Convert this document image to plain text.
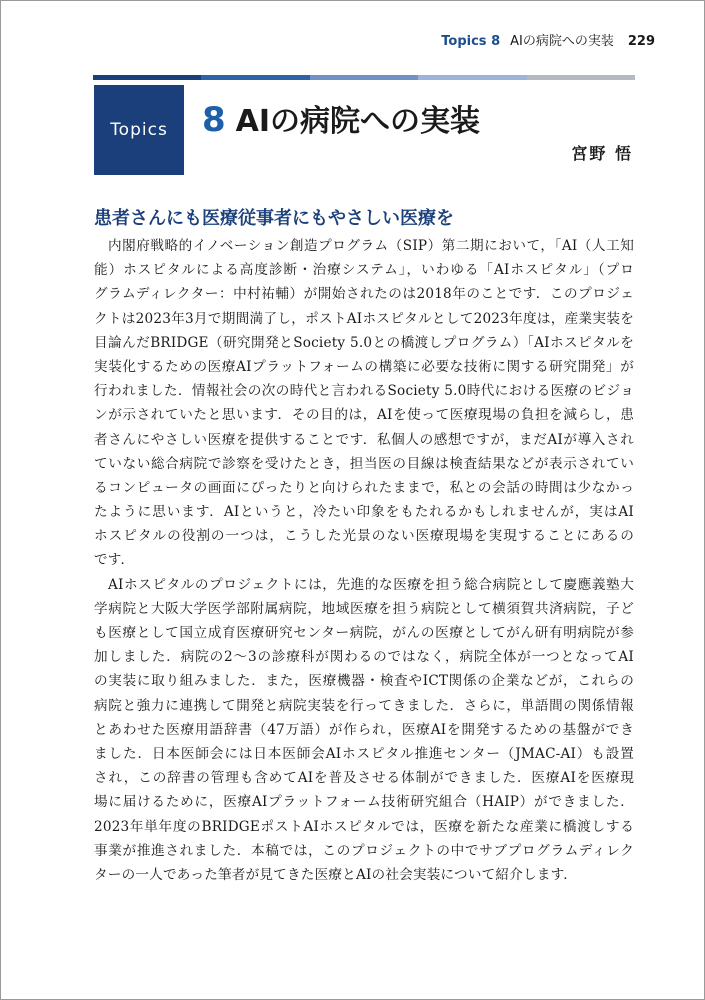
Topics 8 AIの病院への実装 229
Topics 8 AIの病院への実装
宮野 悟
患者さんにも医療従事者にもやさしい医療を
内閣府戦略的イノベーション創造プログラム（SIP）第二期において，「AI（人工知
能）ホスピタルによる高度診断・治療システム」，いわゆる「AIホスピタル」（プロ
グラムディレクター：中村祐輔）が開始されたのは2018年のことです．このプロジェ
クトは2023年3月で期間満了し，ポストAIホスピタルとして2023年度は，産業実装を
目論んだBRIDGE（研究開発とSociety 5.0との橋渡しプログラム）「AIホスピタルを
実装化するための医療AIプラットフォームの構築に必要な技術に関する研究開発」が
行われました．情報社会の次の時代と言われるSociety 5.0時代における医療のビジョ
ンが示されていたと思います．その目的は，AIを使って医療現場の負担を減らし，患
者さんにやさしい医療を提供することです．私個人の感想ですが，まだAIが導入され
ていない総合病院で診察を受けたとき，担当医の目線は検査結果などが表示されてい
るコンピュータの画面にぴったりと向けられたままで，私との会話の時間は少なかっ
たように思います．AIというと，冷たい印象をもたれるかもしれませんが，実はAI
ホスピタルの役割の一つは，こうした光景のない医療現場を実現することにあるの
です．
AIホスピタルのプロジェクトには，先進的な医療を担う総合病院として慶應義塾大
学病院と大阪大学医学部附属病院，地域医療を担う病院として横須賀共済病院，子ど
も医療として国立成育医療研究センター病院，がんの医療としてがん研有明病院が参
加しました．病院の2～3の診療科が関わるのではなく，病院全体が一つとなってAI
の実装に取り組みました．また，医療機器・検査やICT関係の企業などが，これらの
病院と強力に連携して開発と病院実装を行ってきました．さらに，単語間の関係情報
とあわせた医療用語辞書（47万語）が作られ，医療AIを開発するための基盤ができ
ました．日本医師会には日本医師会AIホスピタル推進センター（JMAC-AI）も設置
され，この辞書の管理も含めてAIを普及させる体制ができました．医療AIを医療現
場に届けるために，医療AIプラットフォーム技術研究組合（HAIP）ができました．
2023年単年度のBRIDGEポストAIホスピタルでは，医療を新たな産業に橋渡しする
事業が推進されました．本稿では，このプロジェクトの中でサブプログラムディレク
ターの一人であった筆者が見てきた医療とAIの社会実装について紹介します．
